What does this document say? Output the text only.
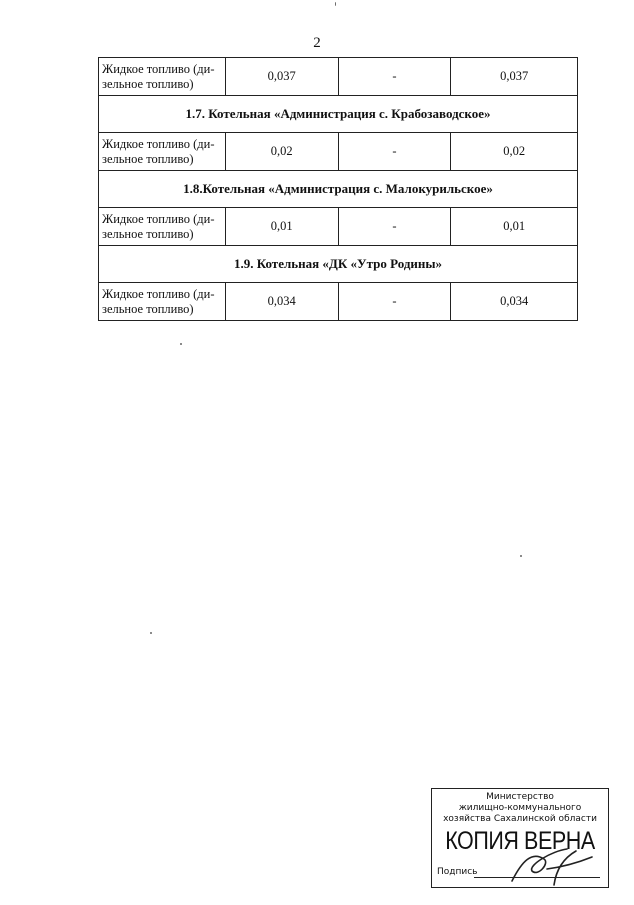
2
Жидкое топливо (ди-зельное топливо)	0,037	-	0,037
1.7. Котельная «Администрация с. Крабозаводское»			
Жидкое топливо (ди-зельное топливо)	0,02	-	0,02
1.8.Котельная «Администрация с. Малокурильское»			
Жидкое топливо (ди-зельное топливо)	0,01	-	0,01
1.9. Котельная «ДК «Утро Родины»			
Жидкое топливо (ди-зельное топливо)	0,034	-	0,034
Министерство
жилищно-коммунального
хозяйства Сахалинской области
КОПИЯ ВЕРНА
Подпись
